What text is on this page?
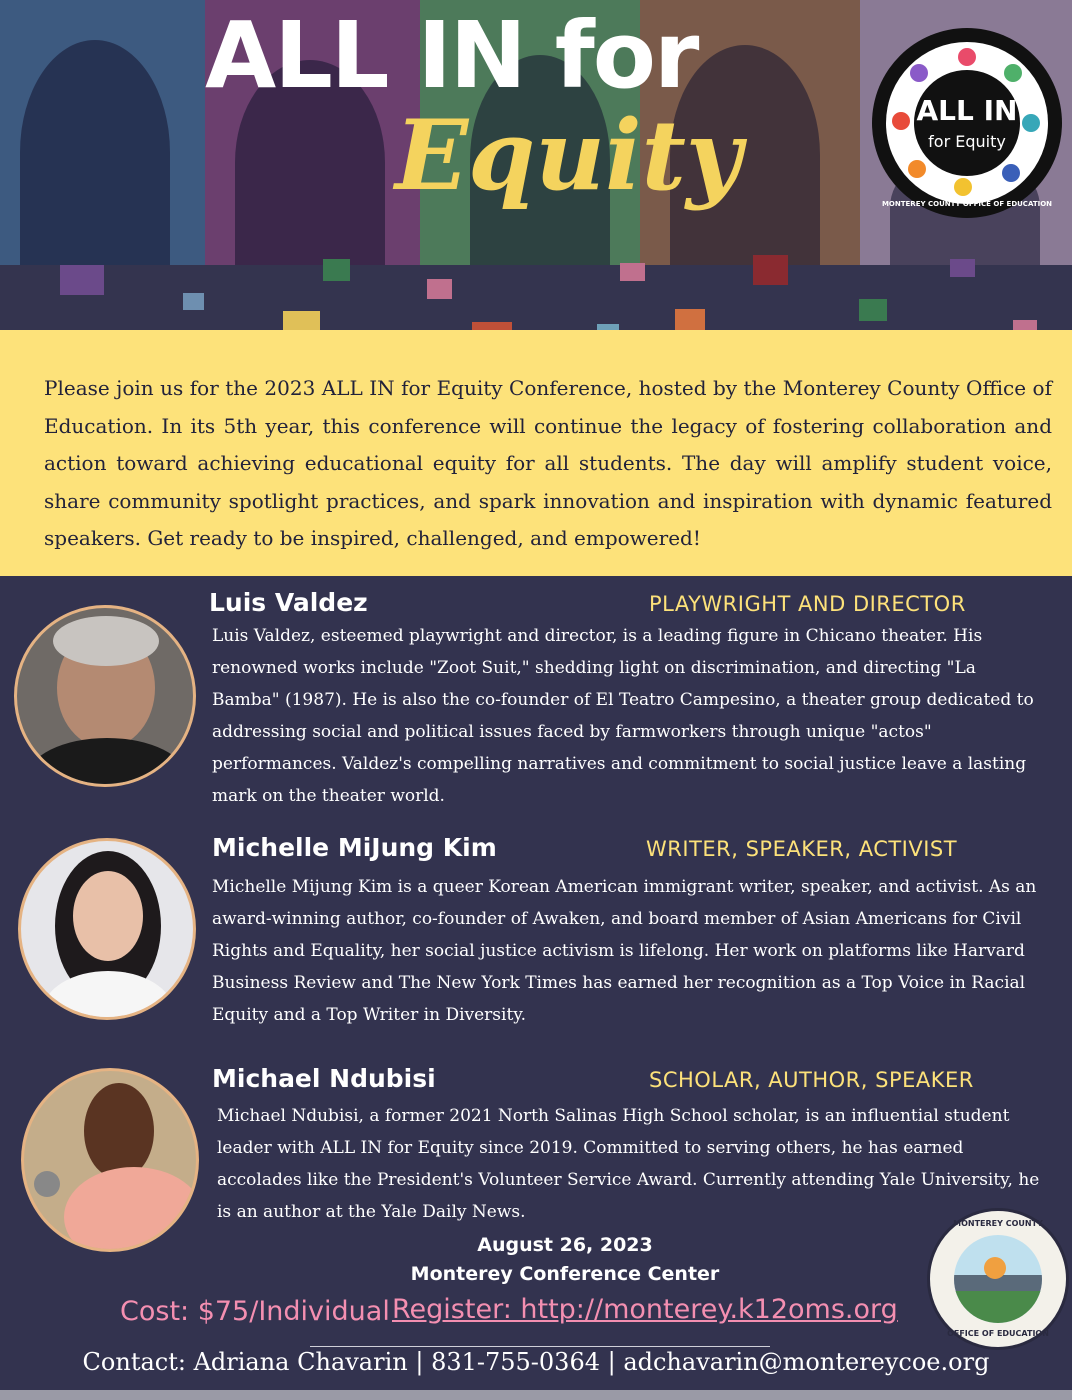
ALL IN for
Equity	ALL IN
for Equity
MONTEREY COUNTY OFFICE OF EDUCATION

Please join us for the 2023 ALL IN for Equity Conference, hosted by the Monterey County Office of Education. In its 5th year, this conference will continue the legacy of fostering collaboration and action toward achieving educational equity for all students. The day will amplify student voice, share community spotlight practices, and spark innovation and inspiration with dynamic featured speakers. Get ready to be inspired, challenged, and empowered!

Luis Valdez	PLAYWRIGHT AND DIRECTOR

Luis Valdez, esteemed playwright and director, is a leading figure in Chicano theater. His renowned works include "Zoot Suit," shedding light on discrimination, and directing "La Bamba" (1987). He is also the co-founder of El Teatro Campesino, a theater group dedicated to addressing social and political issues faced by farmworkers through unique "actos" performances. Valdez's compelling narratives and commitment to social justice leave a lasting mark on the theater world.

Michelle MiJung Kim	WRITER, SPEAKER, ACTIVIST

Michelle Mijung Kim is a queer Korean American immigrant writer, speaker, and activist. As an award-winning author, co-founder of Awaken, and board member of Asian Americans for Civil Rights and Equality, her social justice activism is lifelong. Her work on platforms like Harvard Business Review and The New York Times has earned her recognition as a Top Voice in Racial Equity and a Top Writer in Diversity.

Michael Ndubisi	SCHOLAR, AUTHOR, SPEAKER

Michael Ndubisi, a former 2021 North Salinas High School scholar, is an influential student leader with ALL IN for Equity since 2019. Committed to serving others, he has earned accolades like the President's Volunteer Service Award. Currently attending Yale University, he is an author at the Yale Daily News.

August 26, 2023
Monterey Conference Center
Cost: $75/Individual Register: http://monterey.k12oms.org
Contact: Adriana Chavarin | 831-755-0364 | adchavarin@montereycoe.org
MONTEREY COUNTY
OFFICE OF EDUCATION
